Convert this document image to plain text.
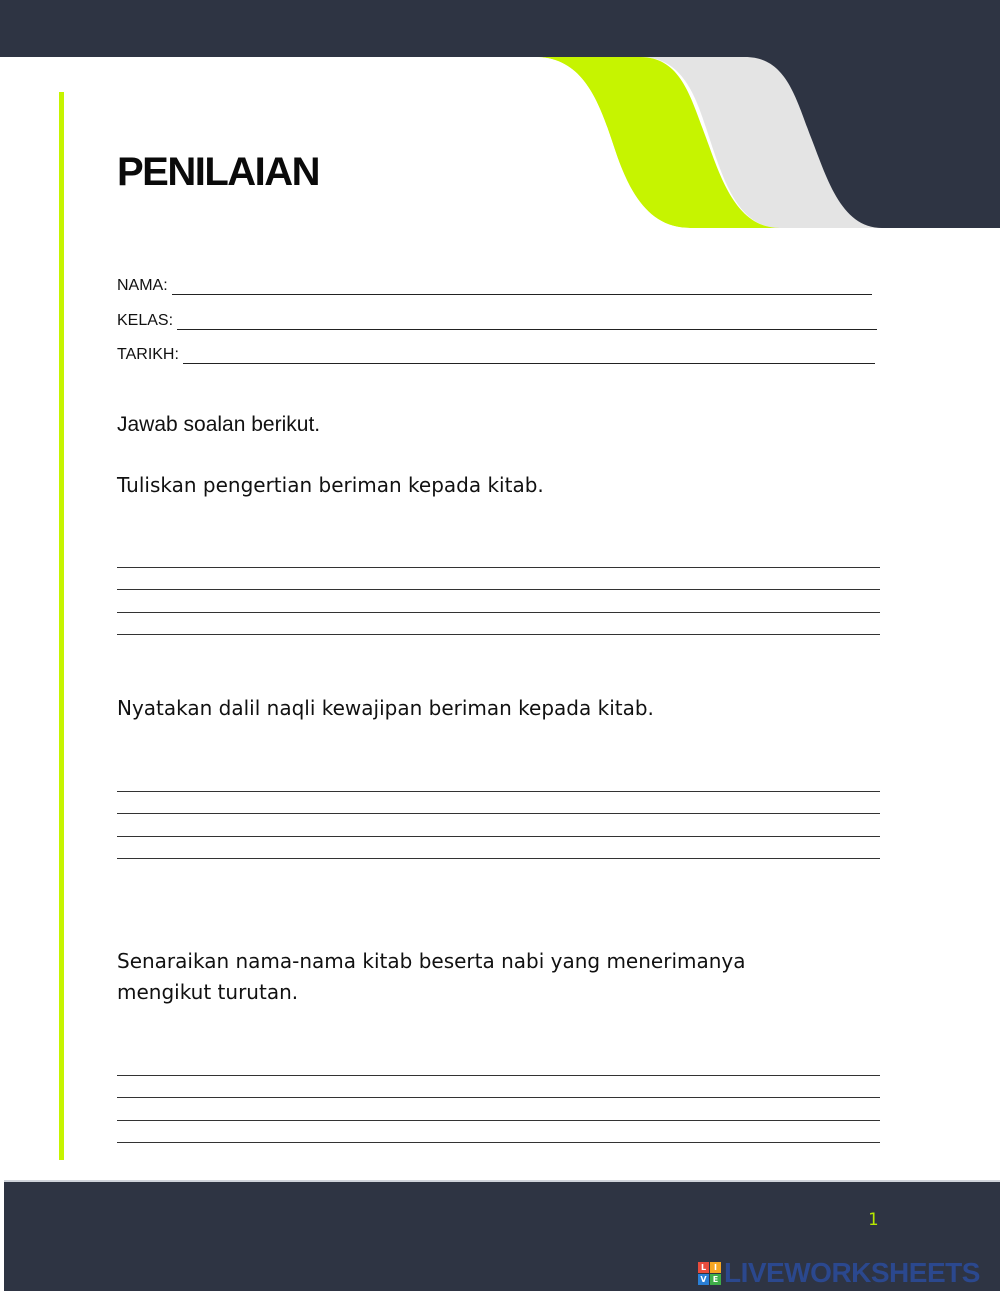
PENILAIAN
NAMA:
KELAS:
TARIKH:

Jawab soalan berikut.

Tuliskan pengertian beriman kepada kitab.

Nyatakan dalil naqli kewajipan beriman kepada kitab.

Senaraikan nama-nama kitab beserta nabi yang menerimanya mengikut turutan.

1
L I
V E LIVEWORKSHEETS
